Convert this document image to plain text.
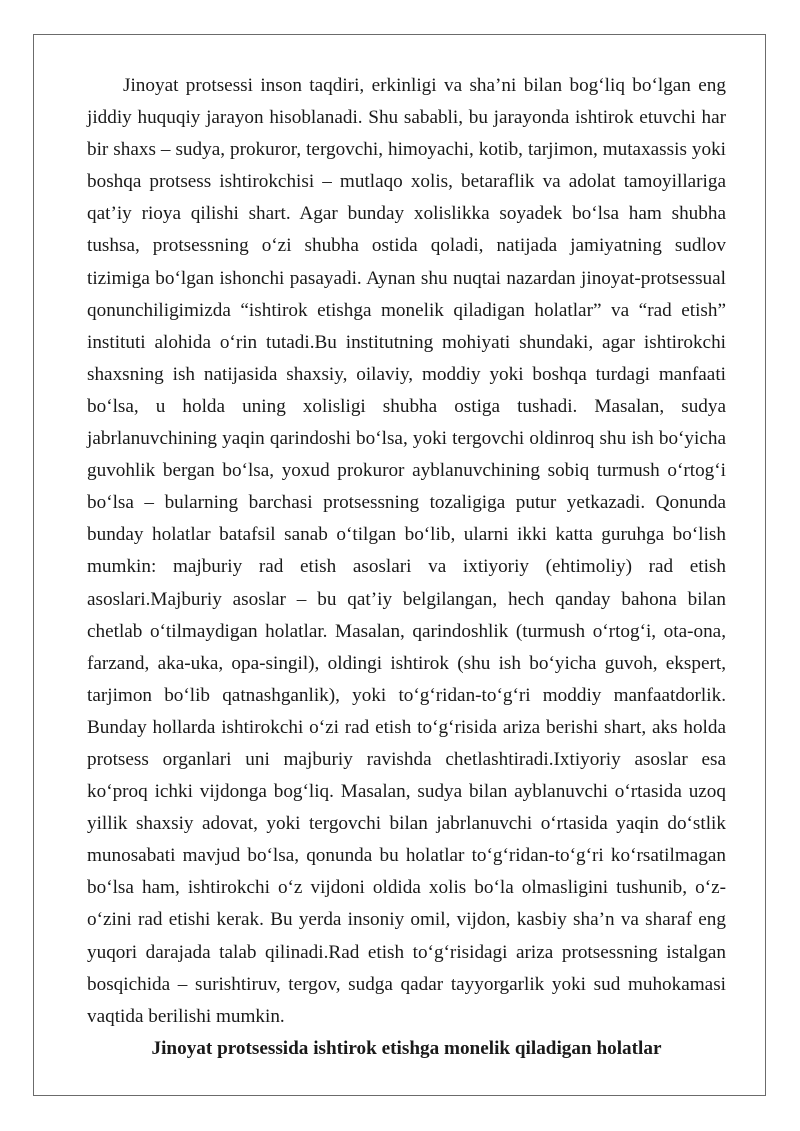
Jinoyat protsessi inson taqdiri, erkinligi va sha’ni bilan bog‘liq bo‘lgan eng jiddiy huquqiy jarayon hisoblanadi. Shu sababli, bu jarayonda ishtirok etuvchi har bir shaxs – sudya, prokuror, tergovchi, himoyachi, kotib, tarjimon, mutaxassis yoki boshqa protsess ishtirokchisi – mutlaqo xolis, betaraflik va adolat tamoyillariga qat’iy rioya qilishi shart. Agar bunday xolislikka soyadek bo‘lsa ham shubha tushsa, protsessning o‘zi shubha ostida qoladi, natijada jamiyatning sudlov tizimiga bo‘lgan ishonchi pasayadi. Aynan shu nuqtai nazardan jinoyat-protsessual qonunchiligimizda “ishtirok etishga monelik qiladigan holatlar” va “rad etish” instituti alohida o‘rin tutadi.Bu institutning mohiyati shundaki, agar ishtirokchi shaxsning ish natijasida shaxsiy, oilaviy, moddiy yoki boshqa turdagi manfaati bo‘lsa, u holda uning xolisligi shubha ostiga tushadi. Masalan, sudya jabrlanuvchining yaqin qarindoshi bo‘lsa, yoki tergovchi oldinroq shu ish bo‘yicha guvohlik bergan bo‘lsa, yoxud prokuror ayblanuvchining sobiq turmush o‘rtog‘i bo‘lsa – bularning barchasi protsessning tozaligiga putur yetkazadi. Qonunda bunday holatlar batafsil sanab o‘tilgan bo‘lib, ularni ikki katta guruhga bo‘lish mumkin: majburiy rad etish asoslari va ixtiyoriy (ehtimoliy) rad etish asoslari.Majburiy asoslar – bu qat’iy belgilangan, hech qanday bahona bilan chetlab o‘tilmaydigan holatlar. Masalan, qarindoshlik (turmush o‘rtog‘i, ota-ona, farzand, aka-uka, opa-singil), oldingi ishtirok (shu ish bo‘yicha guvoh, ekspert, tarjimon bo‘lib qatnashganlik), yoki to‘g‘ridan-to‘g‘ri moddiy manfaatdorlik. Bunday hollarda ishtirokchi o‘zi rad etish to‘g‘risida ariza berishi shart, aks holda protsess organlari uni majburiy ravishda chetlashtiradi.Ixtiyoriy asoslar esa ko‘proq ichki vijdonga bog‘liq. Masalan, sudya bilan ayblanuvchi o‘rtasida uzoq yillik shaxsiy adovat, yoki tergovchi bilan jabrlanuvchi o‘rtasida yaqin do‘stlik munosabati mavjud bo‘lsa, qonunda bu holatlar to‘g‘ridan-to‘g‘ri ko‘rsatilmagan bo‘lsa ham, ishtirokchi o‘z vijdoni oldida xolis bo‘la olmasligini tushunib, o‘z-o‘zini rad etishi kerak. Bu yerda insoniy omil, vijdon, kasbiy sha’n va sharaf eng yuqori darajada talab qilinadi.Rad etish to‘g‘risidagi ariza protsessning istalgan bosqichida – surishtiruv, tergov, sudga qadar tayyorgarlik yoki sud muhokamasi vaqtida berilishi mumkin.

Jinoyat protsessida ishtirok etishga monelik qiladigan holatlar
